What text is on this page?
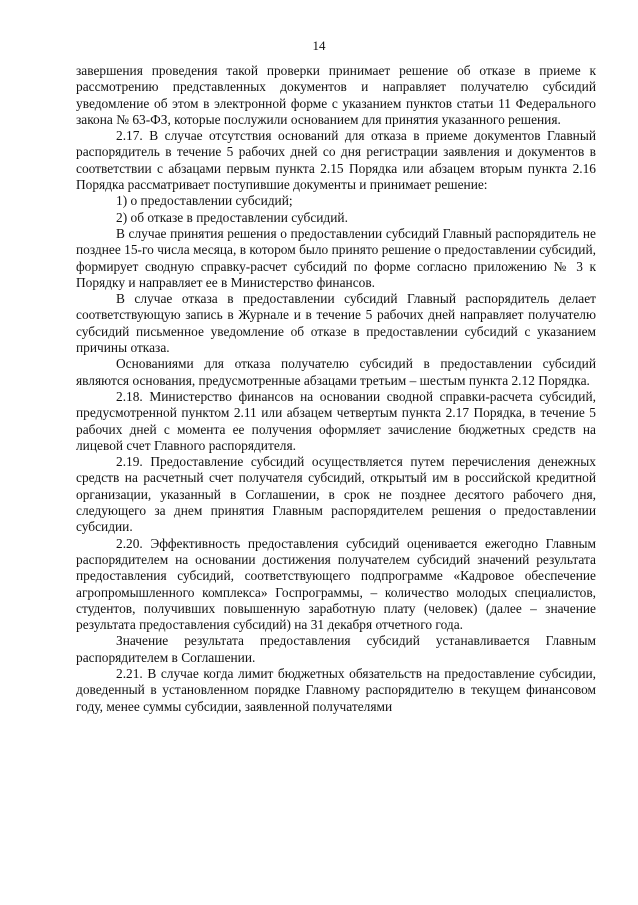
14

завершения проведения такой проверки принимает решение об отказе в приеме к рассмотрению представленных документов и направляет получателю субсидий уведомление об этом в электронной форме с указанием пунктов статьи 11 Федерального закона № 63-ФЗ, которые послужили основанием для принятия указанного решения.

2.17. В случае отсутствия оснований для отказа в приеме документов Главный распорядитель в течение 5 рабочих дней со дня регистрации заявления и документов в соответствии с абзацами первым пункта 2.15 Порядка или абзацем вторым пункта 2.16 Порядка рассматривает поступившие документы и принимает решение:

1) о предоставлении субсидий;

2) об отказе в предоставлении субсидий.

В случае принятия решения о предоставлении субсидий Главный распорядитель не позднее 15-го числа месяца, в котором было принято решение о предоставлении субсидий, формирует сводную справку-расчет субсидий по форме согласно приложению № 3 к Порядку и направляет ее в Министерство финансов.

В случае отказа в предоставлении субсидий Главный распорядитель делает соответствующую запись в Журнале и в течение 5 рабочих дней направляет получателю субсидий письменное уведомление об отказе в предоставлении субсидий с указанием причины отказа.

Основаниями для отказа получателю субсидий в предоставлении субсидий являются основания, предусмотренные абзацами третьим – шестым пункта 2.12 Порядка.

2.18. Министерство финансов на основании сводной справки-расчета субсидий, предусмотренной пунктом 2.11 или абзацем четвертым пункта 2.17 Порядка, в течение 5 рабочих дней с момента ее получения оформляет зачисление бюджетных средств на лицевой счет Главного распорядителя.

2.19. Предоставление субсидий осуществляется путем перечисления денежных средств на расчетный счет получателя субсидий, открытый им в российской кредитной организации, указанный в Соглашении, в срок не позднее десятого рабочего дня, следующего за днем принятия Главным распорядителем решения о предоставлении субсидии.

2.20. Эффективность предоставления субсидий оценивается ежегодно Главным распорядителем на основании достижения получателем субсидий значений результата предоставления субсидий, соответствующего подпрограмме «Кадровое обеспечение агропромышленного комплекса» Госпрограммы, – количество молодых специалистов, студентов, получивших повышенную заработную плату (человек) (далее – значение результата предоставления субсидий) на 31 декабря отчетного года.

Значение результата предоставления субсидий устанавливается Главным распорядителем в Соглашении.

2.21. В случае когда лимит бюджетных обязательств на предоставление субсидии, доведенный в установленном порядке Главному распорядителю в текущем финансовом году, менее суммы субсидии, заявленной получателями
